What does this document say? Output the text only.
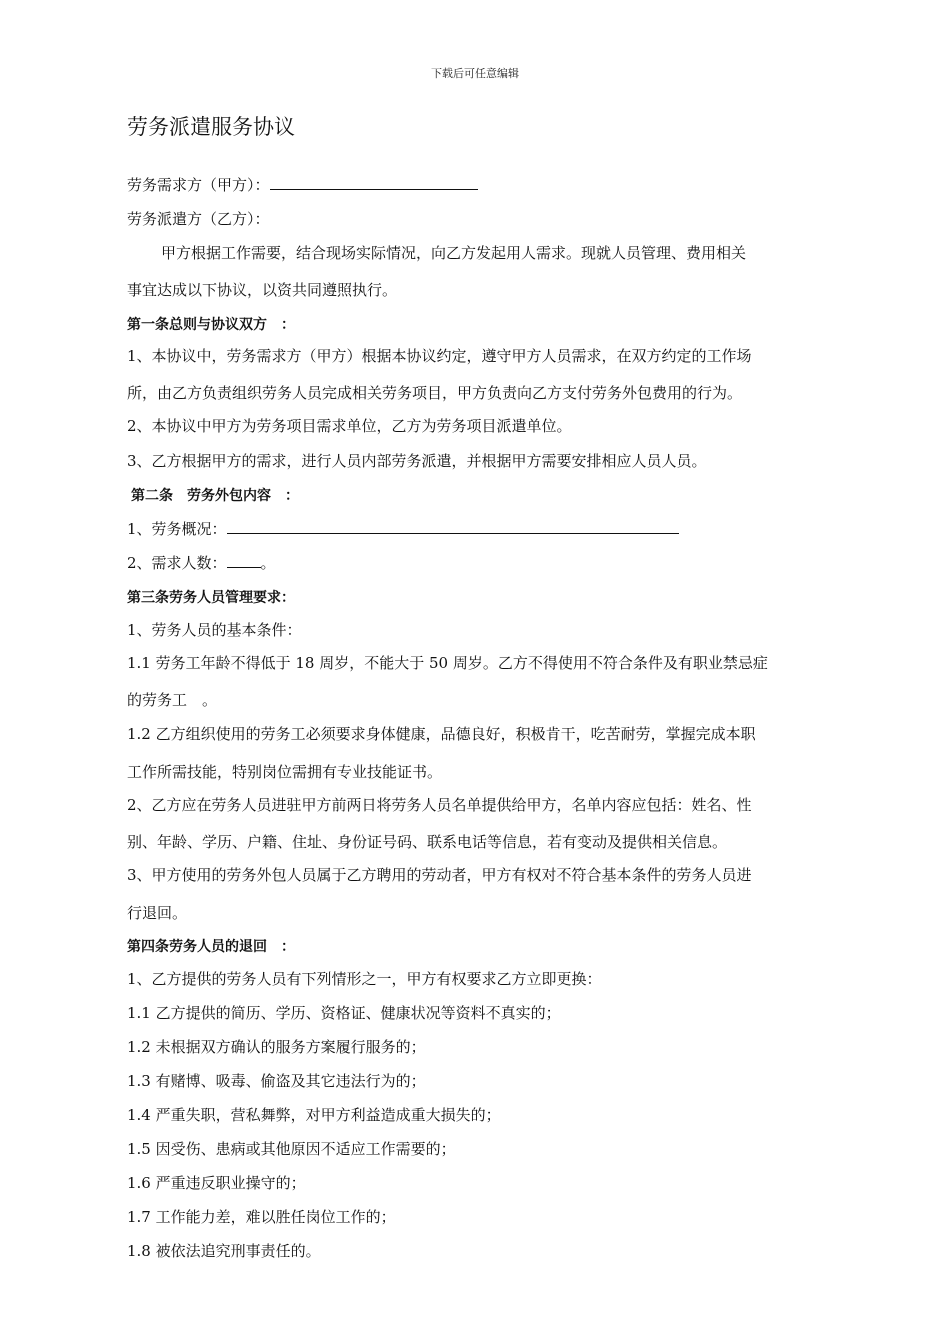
下载后可任意编辑
劳务派遣服务协议
劳务需求方（甲方）：
劳务派遣方（乙方）：
甲方根据工作需要，结合现场实际情况，向乙方发起用人需求。现就人员管理、费用相关
事宜达成以下协议，以资共同遵照执行。
第一条总则与协议双方　：
1、本协议中，劳务需求方（甲方）根据本协议约定，遵守甲方人员需求，在双方约定的工作场
所，由乙方负责组织劳务人员完成相关劳务项目，甲方负责向乙方支付劳务外包费用的行为。
2、本协议中甲方为劳务项目需求单位，乙方为劳务项目派遣单位。
3、乙方根据甲方的需求，进行人员内部劳务派遣，并根据甲方需要安排相应人员人员。
第二条　劳务外包内容　：
1、劳务概况：
2、需求人数： 。
第三条劳务人员管理要求：
1、劳务人员的基本条件：
1.1 劳务工年龄不得低于 18 周岁，不能大于 50 周岁。乙方不得使用不符合条件及有职业禁忌症
的劳务工　。
1.2 乙方组织使用的劳务工必须要求身体健康，品德良好，积极肯干，吃苦耐劳，掌握完成本职
工作所需技能，特别岗位需拥有专业技能证书。
2、乙方应在劳务人员进驻甲方前两日将劳务人员名单提供给甲方，名单内容应包括：姓名、性
别、年龄、学历、户籍、住址、身份证号码、联系电话等信息，若有变动及提供相关信息。
3、甲方使用的劳务外包人员属于乙方聘用的劳动者，甲方有权对不符合基本条件的劳务人员进
行退回。
第四条劳务人员的退回　：
1、乙方提供的劳务人员有下列情形之一，甲方有权要求乙方立即更换：
1.1 乙方提供的简历、学历、资格证、健康状况等资料不真实的；
1.2 未根据双方确认的服务方案履行服务的；
1.3 有赌博、吸毒、偷盗及其它违法行为的；
1.4 严重失职，营私舞弊，对甲方利益造成重大损失的；
1.5 因受伤、患病或其他原因不适应工作需要的；
1.6 严重违反职业操守的；
1.7 工作能力差，难以胜任岗位工作的；
1.8 被依法追究刑事责任的。
